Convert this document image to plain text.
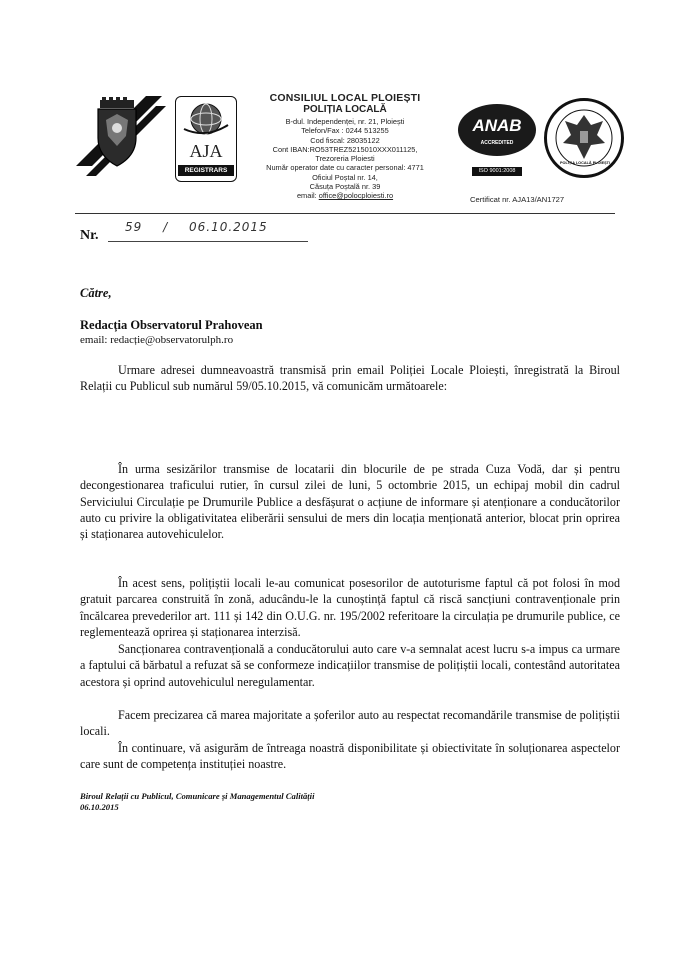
AJA
REGISTRARS
ANAB
ACCREDITED
ISO 9001:2008
POLIȚIA LOCALĂ PLOIEȘTI
CONSILIUL LOCAL PLOIEȘTI
POLIȚIA LOCALĂ
B-dul. Independenței, nr. 21, Ploiești
Telefon/Fax : 0244 513255
Cod fiscal: 28035122
Cont IBAN:RO53TREZ5215010XXX011125,
Trezoreria Ploiesti
Număr operator date cu caracter personal: 4771
Oficiul Poștal nr. 14,
Căsuța Poștală nr. 39
email: office@polocploiesti.ro	Certificat nr. AJA13/AN1727
Nr.
59 / 06.10.2015
Către,
Redacția Observatorul Prahovean
email: redacție@observatorulph.ro

Urmare adresei dumneavoastră transmisă prin email Poliției Locale Ploiești, înregistrată la Biroul Relații cu Publicul sub numărul 59/05.10.2015, vă comunicăm următoarele:

În urma sesizărilor transmise de locatarii din blocurile de pe strada Cuza Vodă, dar și pentru decongestionarea traficului rutier, în cursul zilei de luni, 5 octombrie 2015, un echipaj mobil din cadrul Serviciului Circulație pe Drumurile Publice a desfășurat o acțiune de informare și atenționare a conducătorilor auto cu privire la obligativitatea eliberării sensului de mers din locația menționată anterior, blocat prin oprirea și staționarea autovehiculelor.

În acest sens, polițiștii locali le-au comunicat posesorilor de autoturisme faptul că pot folosi în mod gratuit parcarea construită în zonă, aducându-le la cunoștință faptul că riscă sancțiuni contravenționale prin încălcarea prevederilor art. 111 și 142 din O.U.G. nr. 195/2002 referitoare la circulația pe drumurile publice, ce reglementează oprirea și staționarea interzisă.

Sancționarea contravențională a conducătorului auto care v-a semnalat acest lucru s-a impus ca urmare a faptului că bărbatul a refuzat să se conformeze indicațiilor transmise de polițiștii locali, contestând autoritatea acestora și oprind autovehiculul neregulamentar.

Facem precizarea că marea majoritate a șoferilor auto au respectat recomandările transmise de polițiștii locali.

În continuare, vă asigurăm de întreaga noastră disponibilitate și obiectivitate în soluționarea aspectelor care sunt de competența instituției noastre.

Biroul Relații cu Publicul, Comunicare și Managementul Calității
06.10.2015
